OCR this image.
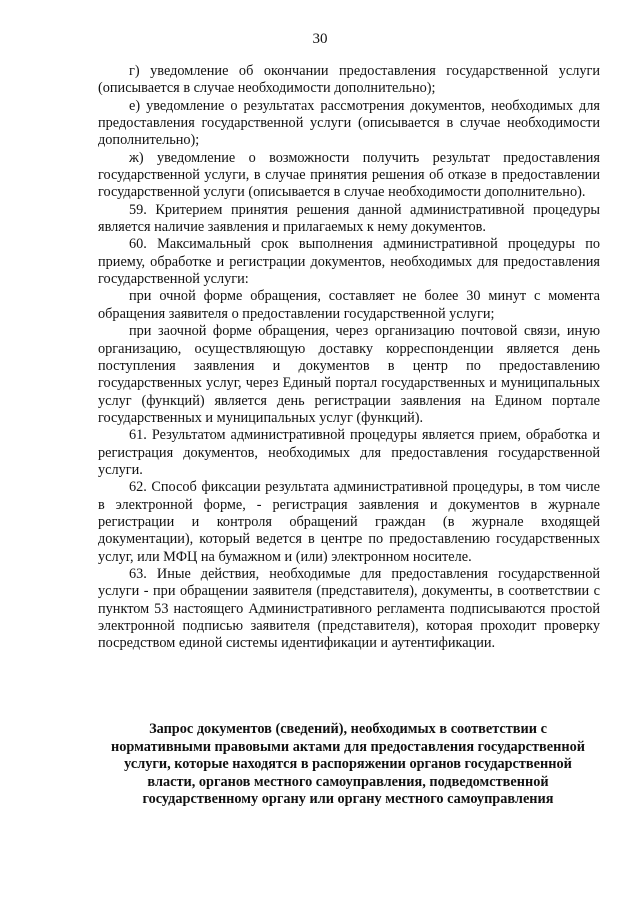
30

г) уведомление об окончании предоставления государственной услуги (описывается в случае необходимости дополнительно);

е) уведомление о результатах рассмотрения документов, необходимых для предоставления государственной услуги (описывается в случае необходимости дополнительно);

ж) уведомление о возможности получить результат предоставления государственной услуги, в случае принятия решения об отказе в предоставлении государственной услуги (описывается в случае необходимости дополнительно).

59. Критерием принятия решения данной административной процедуры является наличие заявления и прилагаемых к нему документов.

60. Максимальный срок выполнения административной процедуры по приему, обработке и регистрации документов, необходимых для предоставления государственной услуги:

при очной форме обращения, составляет не более 30 минут с момента обращения заявителя о предоставлении государственной услуги;

при заочной форме обращения, через организацию почтовой связи, иную организацию, осуществляющую доставку корреспонденции является день поступления заявления и документов в центр по предоставлению государственных услуг, через Единый портал государственных и муниципальных услуг (функций) является день регистрации заявления на Едином портале государственных и муниципальных услуг (функций).

61. Результатом административной процедуры является прием, обработка и регистрация документов, необходимых для предоставления государственной услуги.

62. Способ фиксации результата административной процедуры, в том числе в электронной форме, - регистрация заявления и документов в журнале регистрации и контроля обращений граждан (в журнале входящей документации), который ведется в центре по предоставлению государственных услуг, или МФЦ на бумажном и (или) электронном носителе.

63. Иные действия, необходимые для предоставления государственной услуги - при обращении заявителя (представителя), документы, в соответствии с пунктом 53 настоящего Административного регламента подписываются простой электронной подписью заявителя (представителя), которая проходит проверку посредством единой системы идентификации и аутентификации.

Запрос документов (сведений), необходимых в соответствии с нормативными правовыми актами для предоставления государственной услуги, которые находятся в распоряжении органов государственной власти, органов местного самоуправления, подведомственной государственному органу или органу местного самоуправления
